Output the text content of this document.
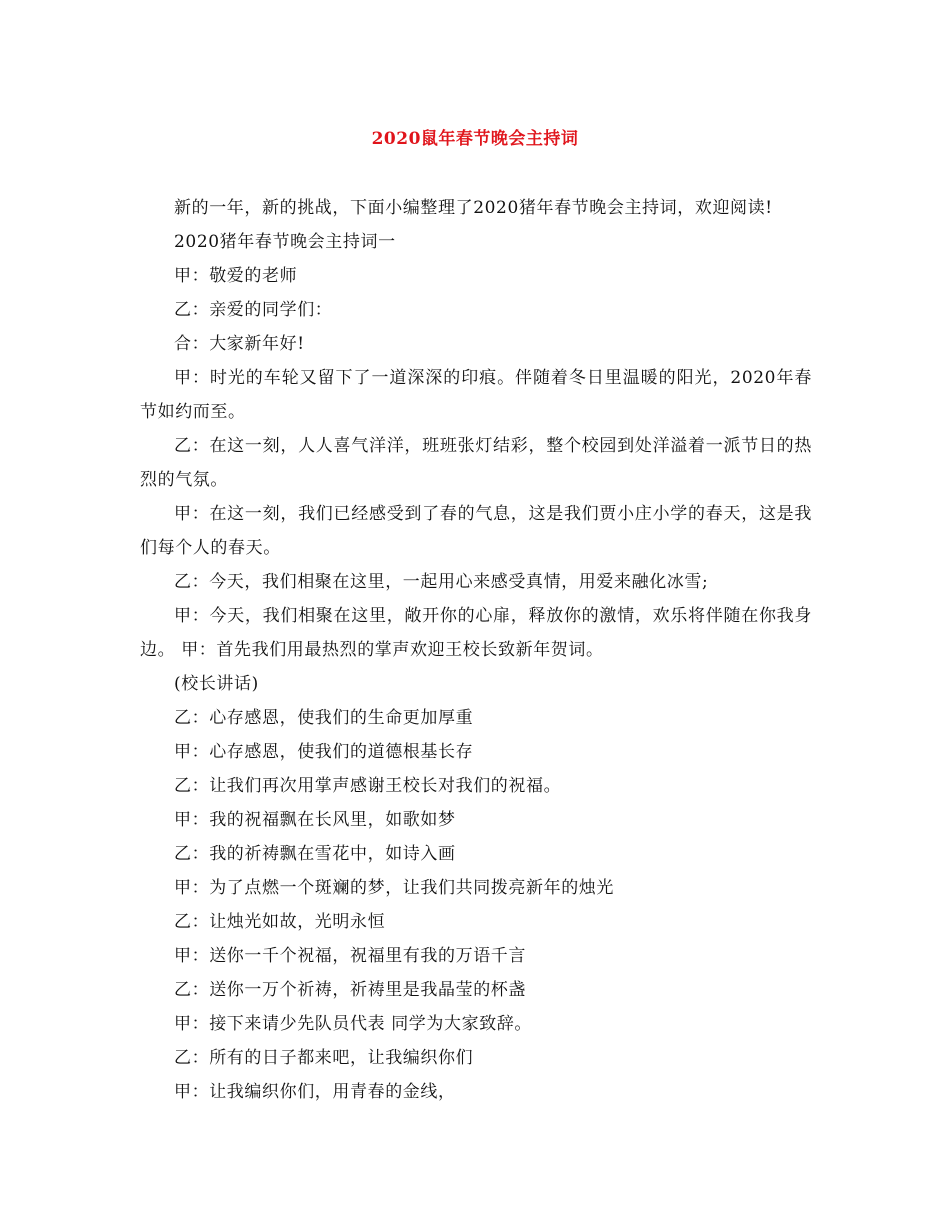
2020鼠年春节晚会主持词

新的一年，新的挑战，下面小编整理了2020猪年春节晚会主持词，欢迎阅读!

2020猪年春节晚会主持词一

甲：敬爱的老师

乙：亲爱的同学们：

合：大家新年好!

甲：时光的车轮又留下了一道深深的印痕。伴随着冬日里温暖的阳光，2020年春节如约而至。

乙：在这一刻，人人喜气洋洋，班班张灯结彩，整个校园到处洋溢着一派节日的热烈的气氛。

甲：在这一刻，我们已经感受到了春的气息，这是我们贾小庄小学的春天，这是我们每个人的春天。

乙：今天，我们相聚在这里，一起用心来感受真情，用爱来融化冰雪;

甲：今天，我们相聚在这里，敞开你的心扉，释放你的激情，欢乐将伴随在你我身边。 甲：首先我们用最热烈的掌声欢迎王校长致新年贺词。

(校长讲话)

乙：心存感恩，使我们的生命更加厚重

甲：心存感恩，使我们的道德根基长存

乙：让我们再次用掌声感谢王校长对我们的祝福。

甲：我的祝福飘在长风里，如歌如梦

乙：我的祈祷飘在雪花中，如诗入画

甲：为了点燃一个斑斓的梦，让我们共同拨亮新年的烛光

乙：让烛光如故，光明永恒

甲：送你一千个祝福，祝福里有我的万语千言

乙：送你一万个祈祷，祈祷里是我晶莹的杯盏

甲：接下来请少先队员代表 同学为大家致辞。

乙：所有的日子都来吧，让我编织你们

甲：让我编织你们，用青春的金线，
